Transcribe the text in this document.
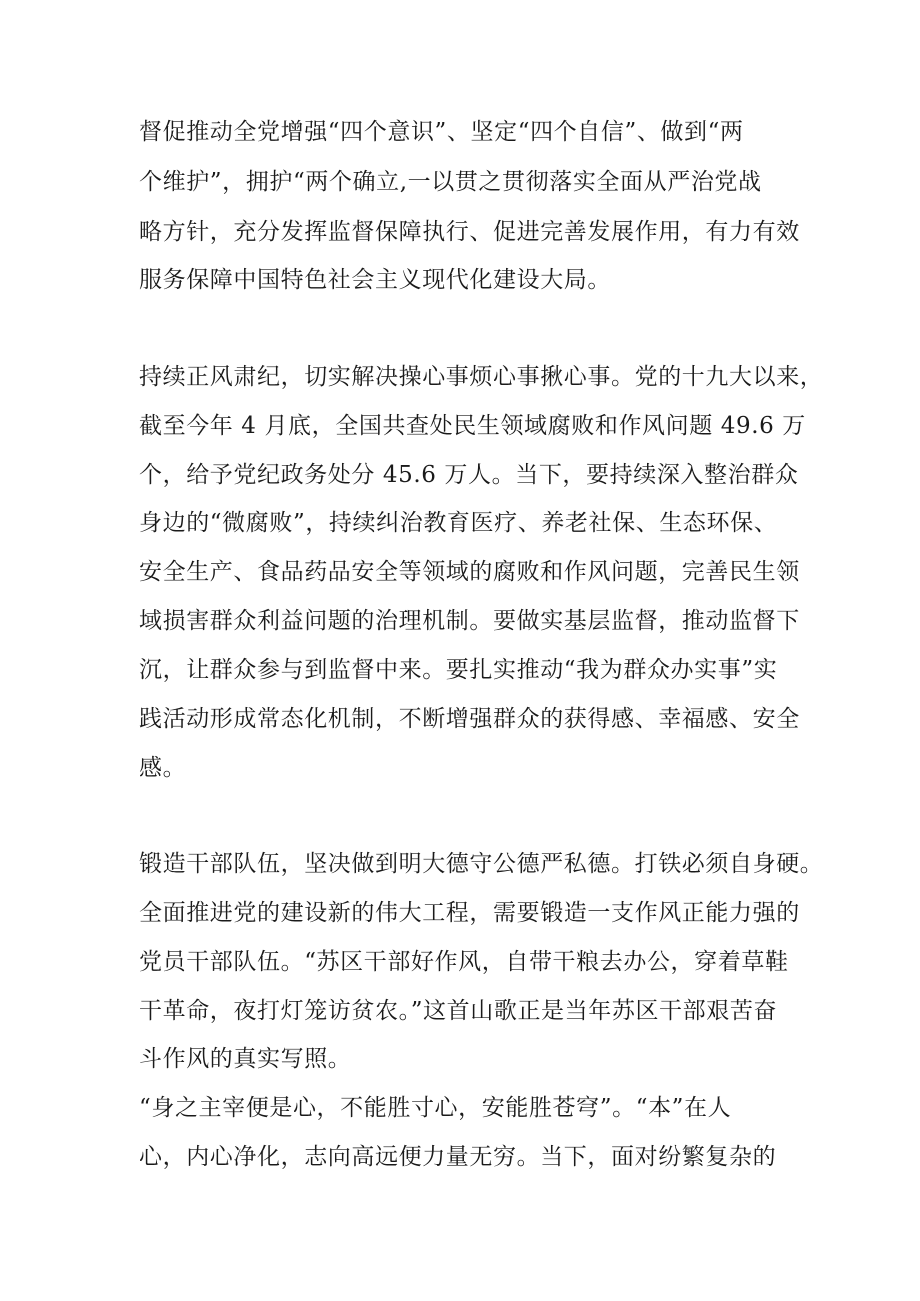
督促推动全党增强“四个意识”、坚定“四个自信”、做到“两
个维护”，拥护“两个确立,一以贯之贯彻落实全面从严治党战
略方针，充分发挥监督保障执行、促进完善发展作用，有力有效
服务保障中国特色社会主义现代化建设大局。
持续正风肃纪，切实解决操心事烦心事揪心事。党的十九大以来，
截至今年 4 月底，全国共查处民生领域腐败和作风问题 49.6 万
个，给予党纪政务处分 45.6 万人。当下，要持续深入整治群众
身边的“微腐败”，持续纠治教育医疗、养老社保、生态环保、
安全生产、食品药品安全等领域的腐败和作风问题，完善民生领
域损害群众利益问题的治理机制。要做实基层监督，推动监督下
沉，让群众参与到监督中来。要扎实推动“我为群众办实事”实
践活动形成常态化机制，不断增强群众的获得感、幸福感、安全
感。
锻造干部队伍，坚决做到明大德守公德严私德。打铁必须自身硬。
全面推进党的建设新的伟大工程，需要锻造一支作风正能力强的
党员干部队伍。“苏区干部好作风，自带干粮去办公，穿着草鞋
干革命，夜打灯笼访贫农。”这首山歌正是当年苏区干部艰苦奋
斗作风的真实写照。
“身之主宰便是心，不能胜寸心，安能胜苍穹”。“本”在人
心，内心净化，志向高远便力量无穷。当下，面对纷繁复杂的
